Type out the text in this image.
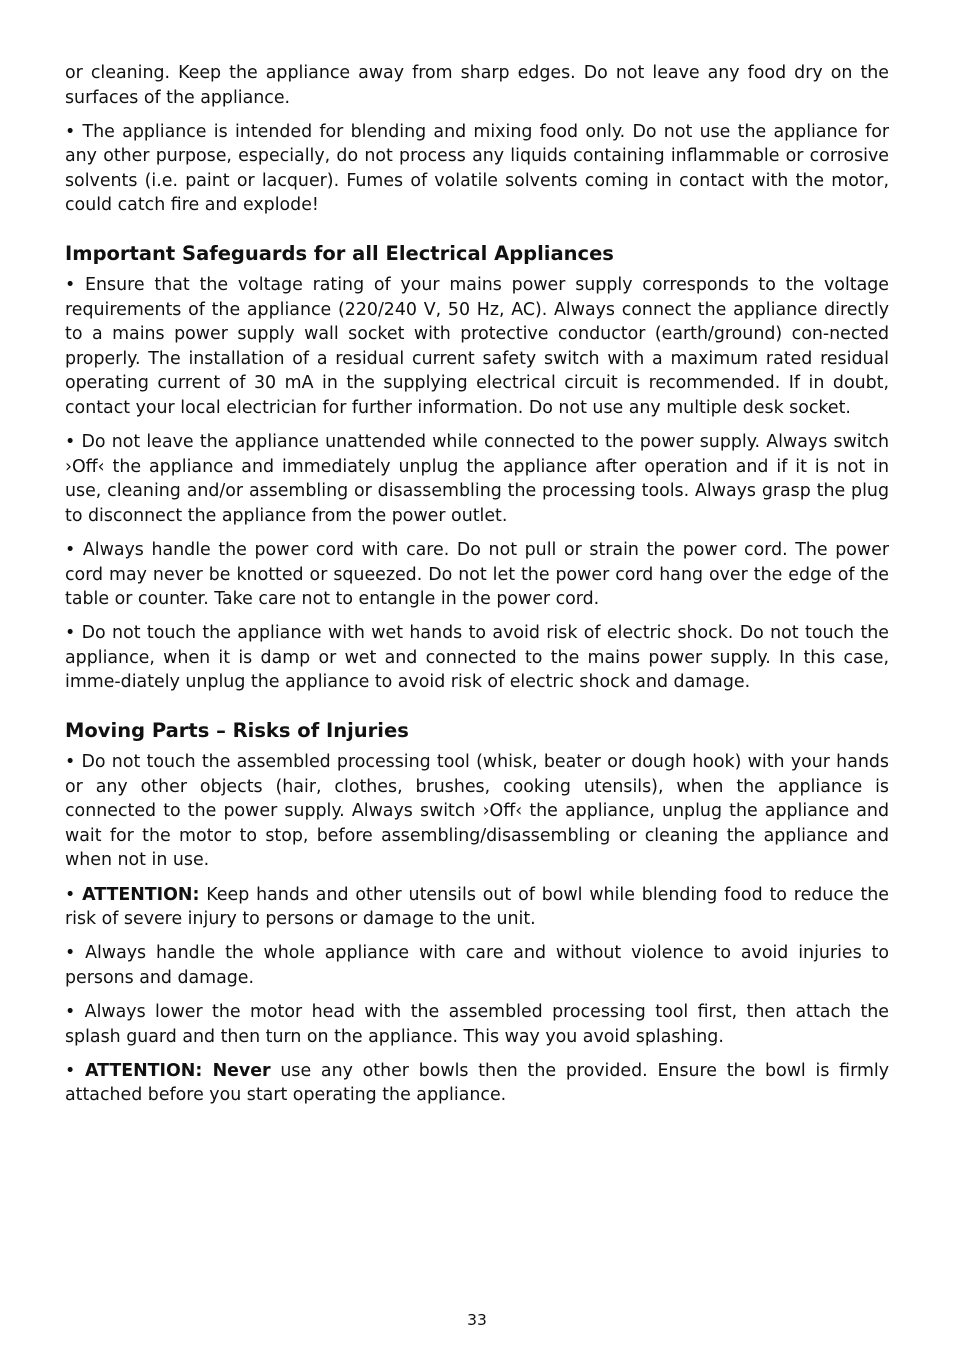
or cleaning. Keep the appliance away from sharp edges. Do not leave any food dry on the surfaces of the appliance.

• The appliance is intended for blending and mixing food only. Do not use the appliance for any other purpose, especially, do not process any liquids containing inflammable or corrosive solvents (i.e. paint or lacquer). Fumes of volatile solvents coming in contact with the motor, could catch fire and explode!

Important Safeguards for all Electrical Appliances

• Ensure that the voltage rating of your mains power supply corresponds to the voltage requirements of the appliance (220/240 V, 50 Hz, AC). Always connect the appliance directly to a mains power supply wall socket with protective conductor (earth/ground) con-nected properly. The installation of a residual current safety switch with a maximum rated residual operating current of 30 mA in the supplying electrical circuit is recommended. If in doubt, contact your local electrician for further information. Do not use any multiple desk socket.

• Do not leave the appliance unattended while connected to the power supply. Always switch ›Off‹ the appliance and immediately unplug the appliance after operation and if it is not in use, cleaning and/or assembling or disassembling the processing tools. Always grasp the plug to disconnect the appliance from the power outlet.

• Always handle the power cord with care. Do not pull or strain the power cord. The power cord may never be knotted or squeezed. Do not let the power cord hang over the edge of the table or counter. Take care not to entangle in the power cord.

• Do not touch the appliance with wet hands to avoid risk of electric shock. Do not touch the appliance, when it is damp or wet and connected to the mains power supply. In this case, imme-diately unplug the appliance to avoid risk of electric shock and damage.

Moving Parts – Risks of Injuries

• Do not touch the assembled processing tool (whisk, beater or dough hook) with your hands or any other objects (hair, clothes, brushes, cooking utensils), when the appliance is connected to the power supply. Always switch ›Off‹ the appliance, unplug the appliance and wait for the motor to stop, before assembling/disassembling or cleaning the appliance and when not in use.

• ATTENTION: Keep hands and other utensils out of bowl while blending food to reduce the risk of severe injury to persons or damage to the unit.

• Always handle the whole appliance with care and without violence to avoid injuries to persons and damage.

• Always lower the motor head with the assembled processing tool first, then attach the splash guard and then turn on the appliance. This way you avoid splashing.

• ATTENTION: Never use any other bowls then the provided. Ensure the bowl is firmly attached before you start operating the appliance.

33
